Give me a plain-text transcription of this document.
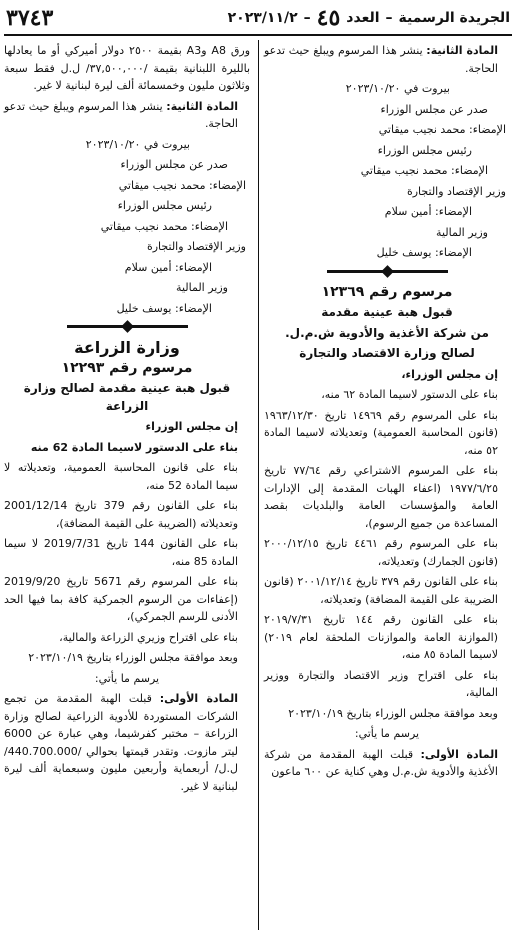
الجريدة الرسمية
–
العدد
٤٥
–
٢٠٢٣/١١/٢
٣٧٤٣

المادة الثانية: ينشر هذا المرسوم ويبلغ حيث تدعو الحاجة.

بيروت في ٢٠٢٣/١٠/٢٠

صدر عن مجلس الوزراء

الإمضاء: محمد نجيب ميقاتي

رئيس مجلس الوزراء

الإمضاء: محمد نجيب ميقاتي

وزير الإقتصاد والتجارة

الإمضاء: أمين سلام

وزير المالية

الإمضاء: يوسف خليل

مرسوم رقم ١٢٣٦٩

قبول هبة عينية مقدمة

من شركة الأغذية والأدوية ش.م.ل.

لصالح وزارة الاقتصاد والتجارة

إن مجلس الوزراء،

بناء على الدستور لاسيما المادة ٦٢ منه،

بناء على المرسوم رقم ١٤٩٦٩ تاريخ ١٩٦٣/١٢/٣٠ (قانون المحاسبة العمومية) وتعديلاته لاسيما المادة ٥٢ منه،

بناء على المرسوم الاشتراعي رقم ٧٧/٦٤ تاريخ ١٩٧٧/٦/٢٥ (اعفاء الهبات المقدمة إلى الإدارات العامة والمؤسسات العامة والبلديات بقصد المساعدة من جميع الرسوم)،

بناء على المرسوم رقم ٤٤٦١ تاريخ ٢٠٠٠/١٢/١٥ (قانون الجمارك) وتعديلاته،

بناء على القانون رقم ٣٧٩ تاريخ ٢٠٠١/١٢/١٤ (قانون الضريبة على القيمة المضافة) وتعديلاته،

بناء على القانون رقم ١٤٤ تاريخ ٢٠١٩/٧/٣١ (الموازنة العامة والموازنات الملحقة لعام ٢٠١٩) لاسيما المادة ٨٥ منه،

بناء على اقتراح وزير الاقتصاد والتجارة ووزير المالية،

وبعد موافقة مجلس الوزراء بتاريخ ٢٠٢٣/١٠/١٩

يرسم ما يأتي:

المادة الأولى: قبلت الهبة المقدمة من شركة الأغذية والأدوية ش.م.ل وهي كناية عن ٦٠٠ ماعون

ورق A8 وA3 بقيمة ٢٥٠٠ دولار أميركي أو ما يعادلها بالليرة اللبنانية بقيمة /٣٧,٥٠٠,٠٠٠/ ل.ل فقط سبعة وثلاثون مليون وخمسمائة ألف ليرة لبنانية لا غير.

المادة الثانية: ينشر هذا المرسوم ويبلغ حيث تدعو الحاجة.

بيروت في ٢٠٢٣/١٠/٢٠

صدر عن مجلس الوزراء

الإمضاء: محمد نجيب ميقاتي

رئيس مجلس الوزراء

الإمضاء: محمد نجيب ميقاتي

وزير الإقتصاد والتجارة

الإمضاء: أمين سلام

وزير المالية

الإمضاء: يوسف خليل

وزارة الزراعة

مرسوم رقم ١٢٢٩٣

قبول هبة عينية مقدمة لصالح وزارة الزراعة

إن مجلس الوزراء

بناء على الدستور لاسيما المادة 62 منه

بناء على قانون المحاسبة العمومية، وتعديلاته لا سيما المادة 52 منه،

بناء على القانون رقم 379 تاريخ 2001/12/14 وتعديلاته (الضريبة على القيمة المضافة)،

بناء على القانون 144 تاريخ 2019/7/31 لا سيما المادة 85 منه،

بناء على المرسوم رقم 5671 تاريخ 2019/9/20 (إعفاءات من الرسوم الجمركية كافة بما فيها الحد الأدنى للرسم الجمركي)،

بناء على اقتراح وزيري الزراعة والمالية،

وبعد موافقة مجلس الوزراء بتاريخ ٢٠٢٣/١٠/١٩

يرسم ما يأتي:

المادة الأولى: قبلت الهبة المقدمة من تجمع الشركات المستوردة للأدوية الزراعية لصالح وزارة الزراعة – مختبر كفرشيما، وهي عبارة عن 6000 ليتر مازوت. وتقدر قيمتها بحوالي /440.700.000/ ل.ل/ أربعماية وأربعين مليون وسبعماية ألف ليرة لبنانية لا غير.
